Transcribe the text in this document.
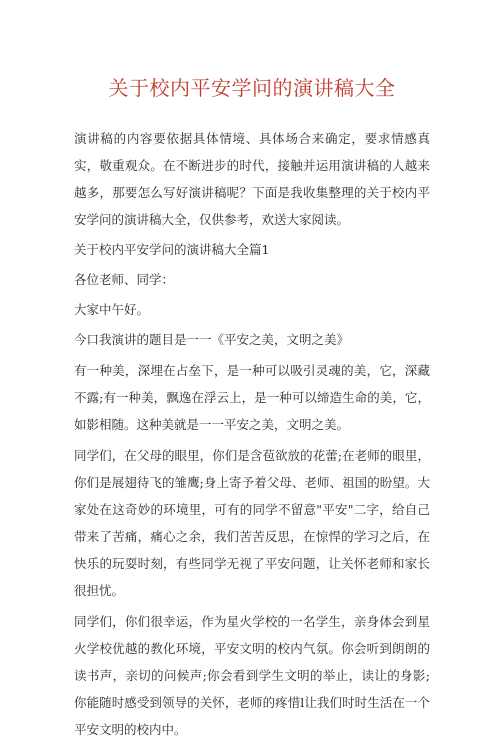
关于校内平安学问的演讲稿大全

演讲稿的内容要依据具体情境、具体场合来确定，要求情感真实，敬重观众。在不断进步的时代，接触并运用演讲稿的人越来越多，那要怎么写好演讲稿呢？下面是我收集整理的关于校内平安学问的演讲稿大全，仅供参考，欢送大家阅读。

关于校内平安学问的演讲稿大全篇1

各位老师、同学：

大家中午好。

今口我演讲的题目是一一《平安之美，文明之美》

有一种美，深埋在占垒下，是一种可以吸引灵魂的美，它，深藏不露;有一种美，飘逸在浮云上，是一种可以缔造生命的美，它，如影相随。这种美就是一一平安之美，文明之美。

同学们，在父母的眼里，你们是含苞欲放的花蕾;在老师的眼里，你们是展翅待飞的雏鹰;身上寄予着父母、老师、祖国的盼望。大家处在这奇妙的环境里，可有的同学不留意"平安"二字，给自己带来了苦痛，痛心之余，我们苦苦反思，在惊悍的学习之后，在快乐的玩耍时刻，有些同学无视了平安问题，让关怀老师和家长很担忧。

同学们，你们很幸运，作为星火学校的一名学生，亲身体会到星火学校优越的教化环境，平安文明的校内气氛。你会听到朗朗的读书声，亲切的问候声;你会看到学生文明的举止，读让的身影;你能随时感受到领导的关怀，老师的疼惜l让我们时时生活在一个平安文明的校内中。
